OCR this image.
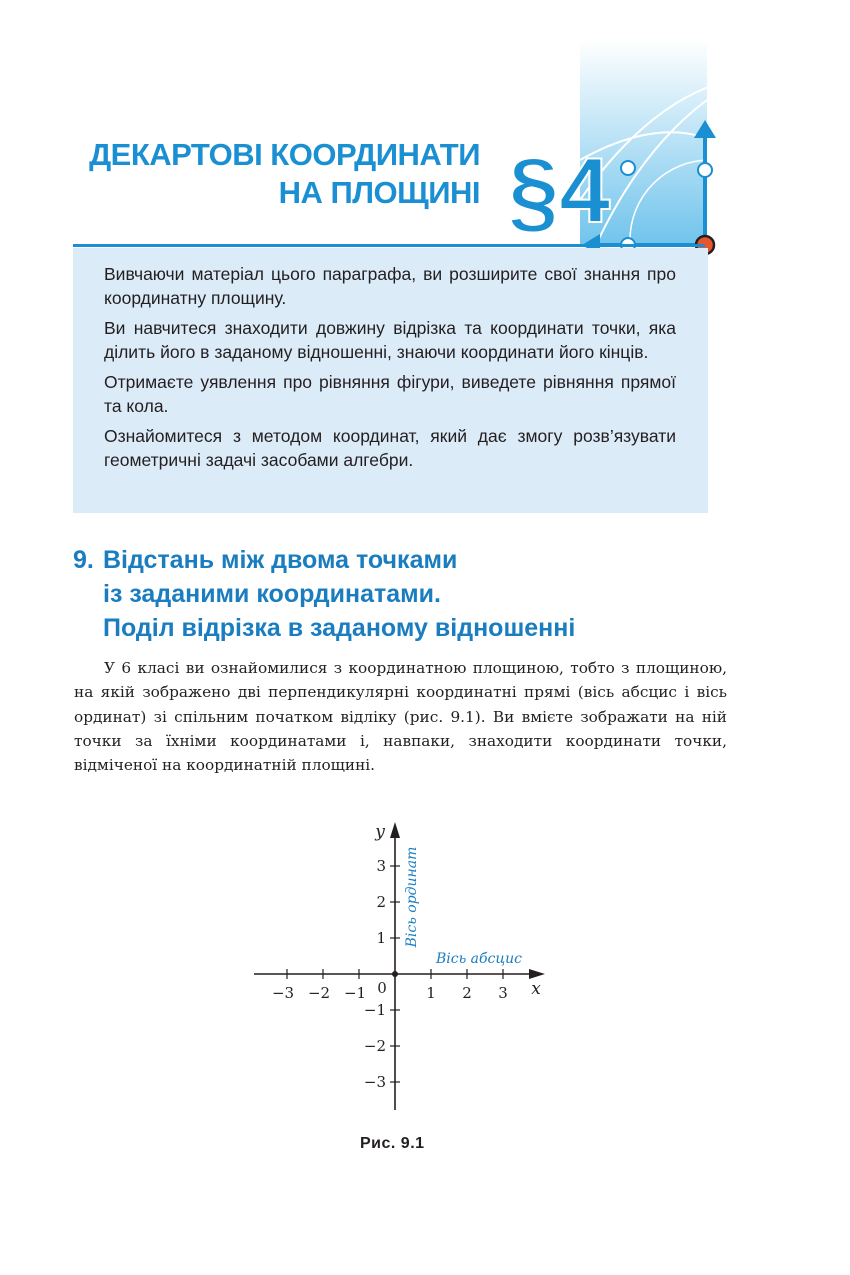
ДЕКАРТОВІ КООРДИНАТИ
НА ПЛОЩИНІ §4

Вивчаючи матеріал цього параграфа, ви розширите свої знання про координатну площину.

Ви навчитеся знаходити довжину відрізка та координати точки, яка ділить його в заданому відношенні, знаючи координати його кінців.

Отримаєте уявлення про рівняння фігури, виведете рівняння прямої та кола.

Ознайомитеся з методом координат, який дає змогу розв’язувати геометричні задачі засобами алгебри.

9. Відстань між двома точками
із заданими координатами.
Поділ відрізка в заданому відношенні
У 6 класі ви ознайомилися з координатною площиною, тобто з площиною, на якій зображено дві перпендикулярні координатні прямі (вісь абсцис і вісь ординат) зі спільним початком відліку (рис. 9.1). Ви вмієте зображати на ній точки за їхніми координатами і, навпаки, знаходити координати точки, відміченої на координатній площині.
−3 −2 −1	1 2 3
3
2
1
−1
−2
−3
0	x
y
Вісь абсцис
Вісь ординат
Рис. 9.1
